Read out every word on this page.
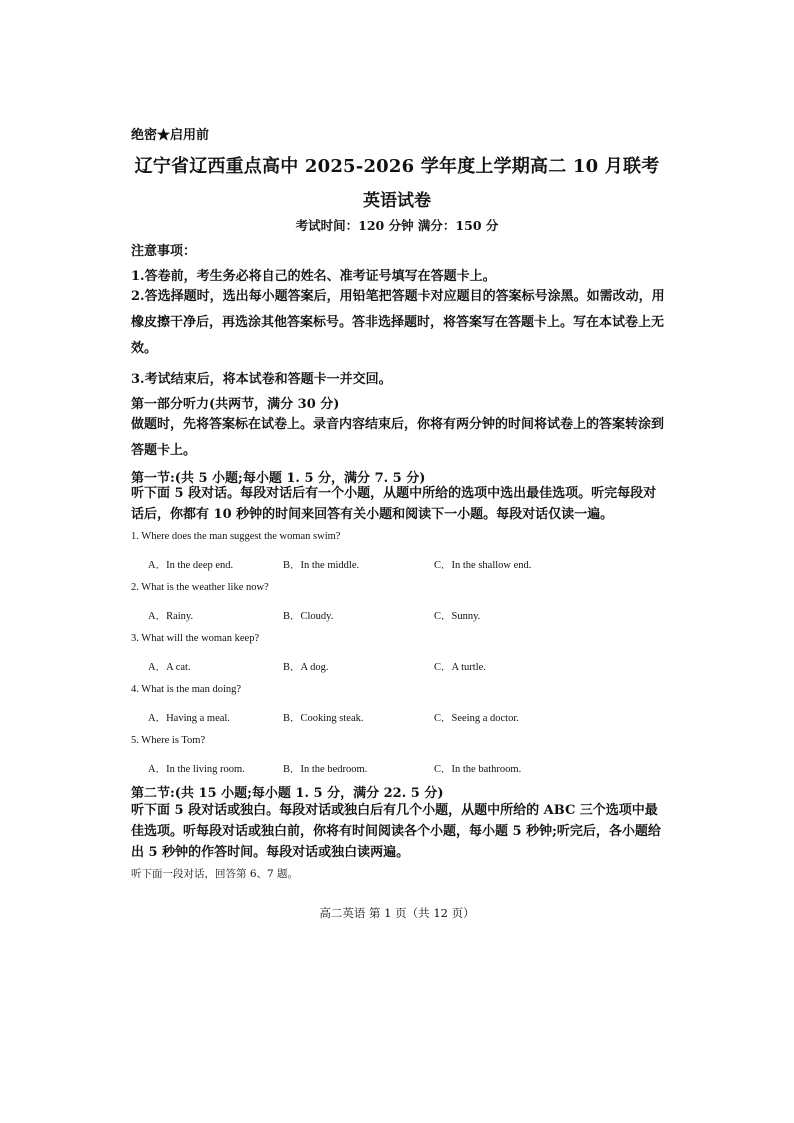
绝密★启用前
辽宁省辽西重点高中 2025-2026 学年度上学期高二 10 月联考
英语试卷
考试时间：120 分钟 满分：150 分
注意事项：
1.答卷前，考生务必将自己的姓名、准考证号填写在答题卡上。
2.答选择题时，选出每小题答案后，用铅笔把答题卡对应题目的答案标号涂黑。如需改动，用橡皮擦干净后，再选涂其他答案标号。答非选择题时，将答案写在答题卡上。写在本试卷上无效。
3.考试结束后，将本试卷和答题卡一并交回。
第一部分听力(共两节，满分 30 分)
做题时，先将答案标在试卷上。录音内容结束后，你将有两分钟的时间将试卷上的答案转涂到答题卡上。
第一节:(共 5 小题;每小题 1. 5 分，满分 7. 5 分)
听下面 5 段对话。每段对话后有一个小题，从题中所给的选项中选出最佳选项。听完每段对话后，你都有 10 秒钟的时间来回答有关小题和阅读下一小题。每段对话仅读一遍。
1. Where does the man suggest the woman swim?
A．In the deep end.	B．In the middle.	C．In the shallow end.
2. What is the weather like now?
A．Rainy.	B．Cloudy.	C．Sunny.
3. What will the woman keep?
A．A cat.	B．A dog.	C．A turtle.
4. What is the man doing?
A．Having a meal.	B．Cooking steak.	C．Seeing a doctor.
5. Where is Tom?
A．In the living room.	B．In the bedroom.	C．In the bathroom.
第二节:(共 15 小题;每小题 1. 5 分，满分 22. 5 分)
听下面 5 段对话或独白。每段对话或独白后有几个小题，从题中所给的 ABC 三个选项中最佳选项。听每段对话或独白前，你将有时间阅读各个小题，每小题 5 秒钟;听完后，各小题给出 5 秒钟的作答时间。每段对话或独白读两遍。
听下面一段对话，回答第 6、7 题。
高二英语 第 1 页（共 12 页）
